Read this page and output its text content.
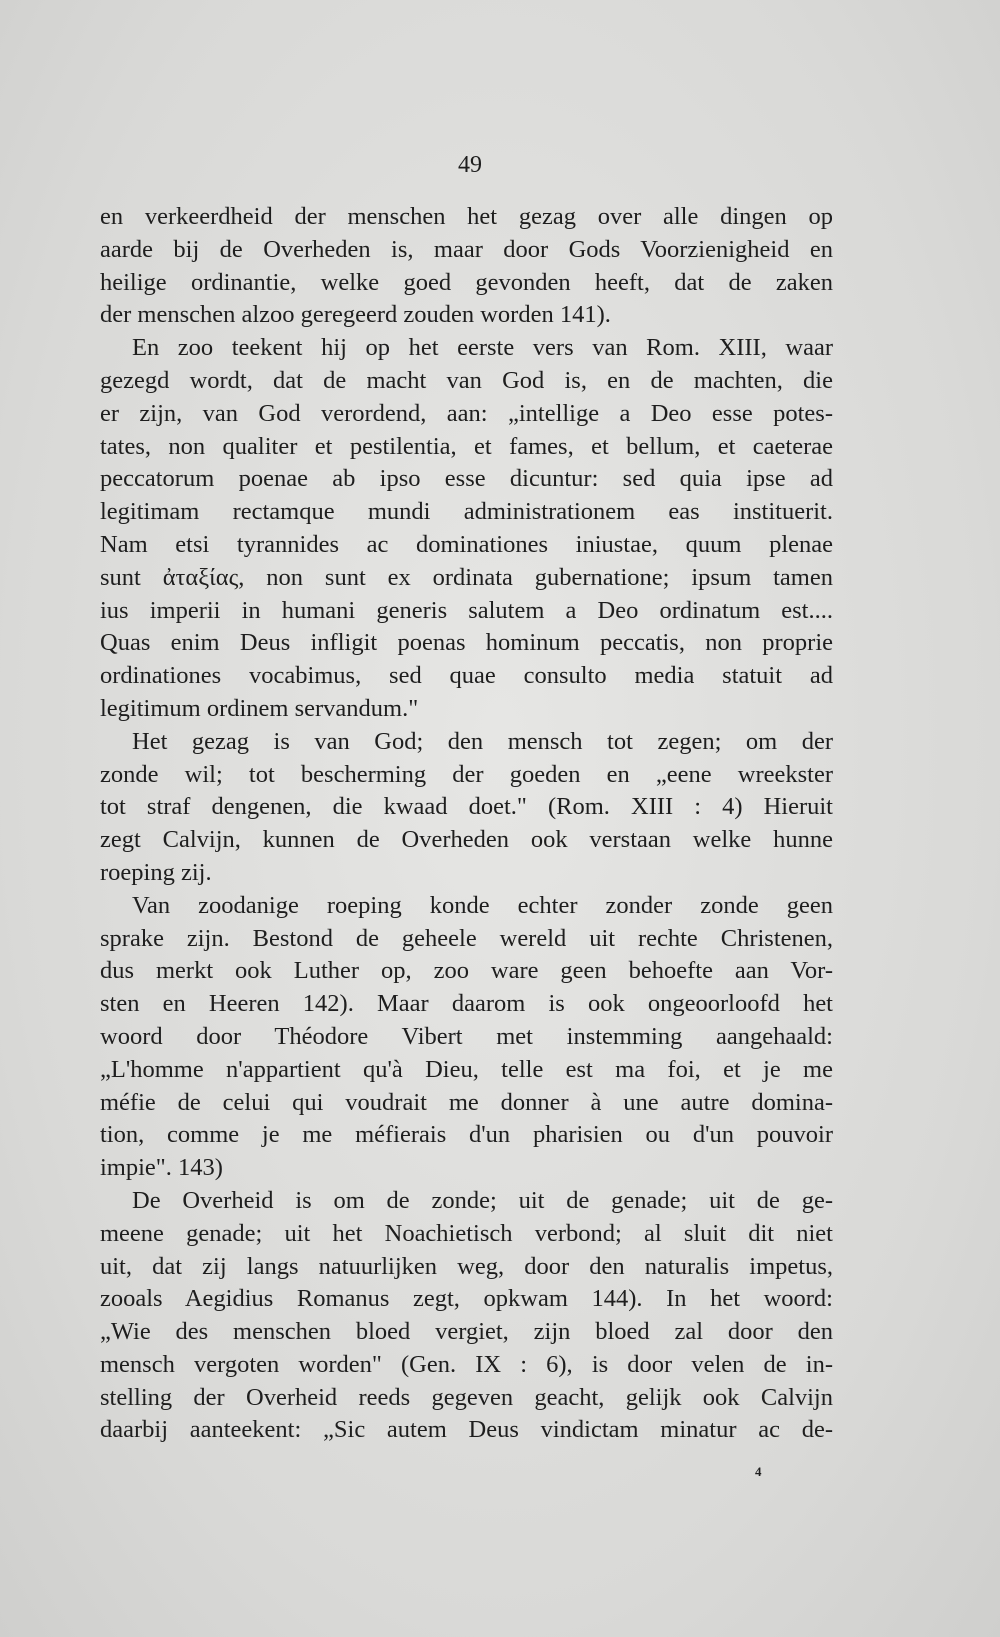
49
en verkeerdheid der menschen het gezag over alle dingen op
aarde bij de Overheden is, maar door Gods Voorzienigheid en
heilige ordinantie, welke goed gevonden heeft, dat de zaken
der menschen alzoo geregeerd zouden worden 141).
En zoo teekent hij op het eerste vers van Rom. XIII, waar
gezegd wordt, dat de macht van God is, en de machten, die
er zijn, van God verordend, aan: „intellige a Deo esse potes-
tates, non qualiter et pestilentia, et fames, et bellum, et caeterae
peccatorum poenae ab ipso esse dicuntur: sed quia ipse ad
legitimam rectamque mundi administrationem eas instituerit.
Nam etsi tyrannides ac dominationes iniustae, quum plenae
sunt ἀταξίας, non sunt ex ordinata gubernatione; ipsum tamen
ius imperii in humani generis salutem a Deo ordinatum est....
Quas enim Deus infligit poenas hominum peccatis, non proprie
ordinationes vocabimus, sed quae consulto media statuit ad
legitimum ordinem servandum."
Het gezag is van God; den mensch tot zegen; om der
zonde wil; tot bescherming der goeden en „eene wreekster
tot straf dengenen, die kwaad doet." (Rom. XIII : 4) Hieruit
zegt Calvijn, kunnen de Overheden ook verstaan welke hunne
roeping zij.
Van zoodanige roeping konde echter zonder zonde geen
sprake zijn. Bestond de geheele wereld uit rechte Christenen,
dus merkt ook Luther op, zoo ware geen behoefte aan Vor-
sten en Heeren 142). Maar daarom is ook ongeoorloofd het
woord door Théodore Vibert met instemming aangehaald:
„L'homme n'appartient qu'à Dieu, telle est ma foi, et je me
méfie de celui qui voudrait me donner à une autre domina-
tion, comme je me méfierais d'un pharisien ou d'un pouvoir
impie". 143)
De Overheid is om de zonde; uit de genade; uit de ge-
meene genade; uit het Noachietisch verbond; al sluit dit niet
uit, dat zij langs natuurlijken weg, door den naturalis impetus,
zooals Aegidius Romanus zegt, opkwam 144). In het woord:
„Wie des menschen bloed vergiet, zijn bloed zal door den
mensch vergoten worden" (Gen. IX : 6), is door velen de in-
stelling der Overheid reeds gegeven geacht, gelijk ook Calvijn
daarbij aanteekent: „Sic autem Deus vindictam minatur ac de-
4
